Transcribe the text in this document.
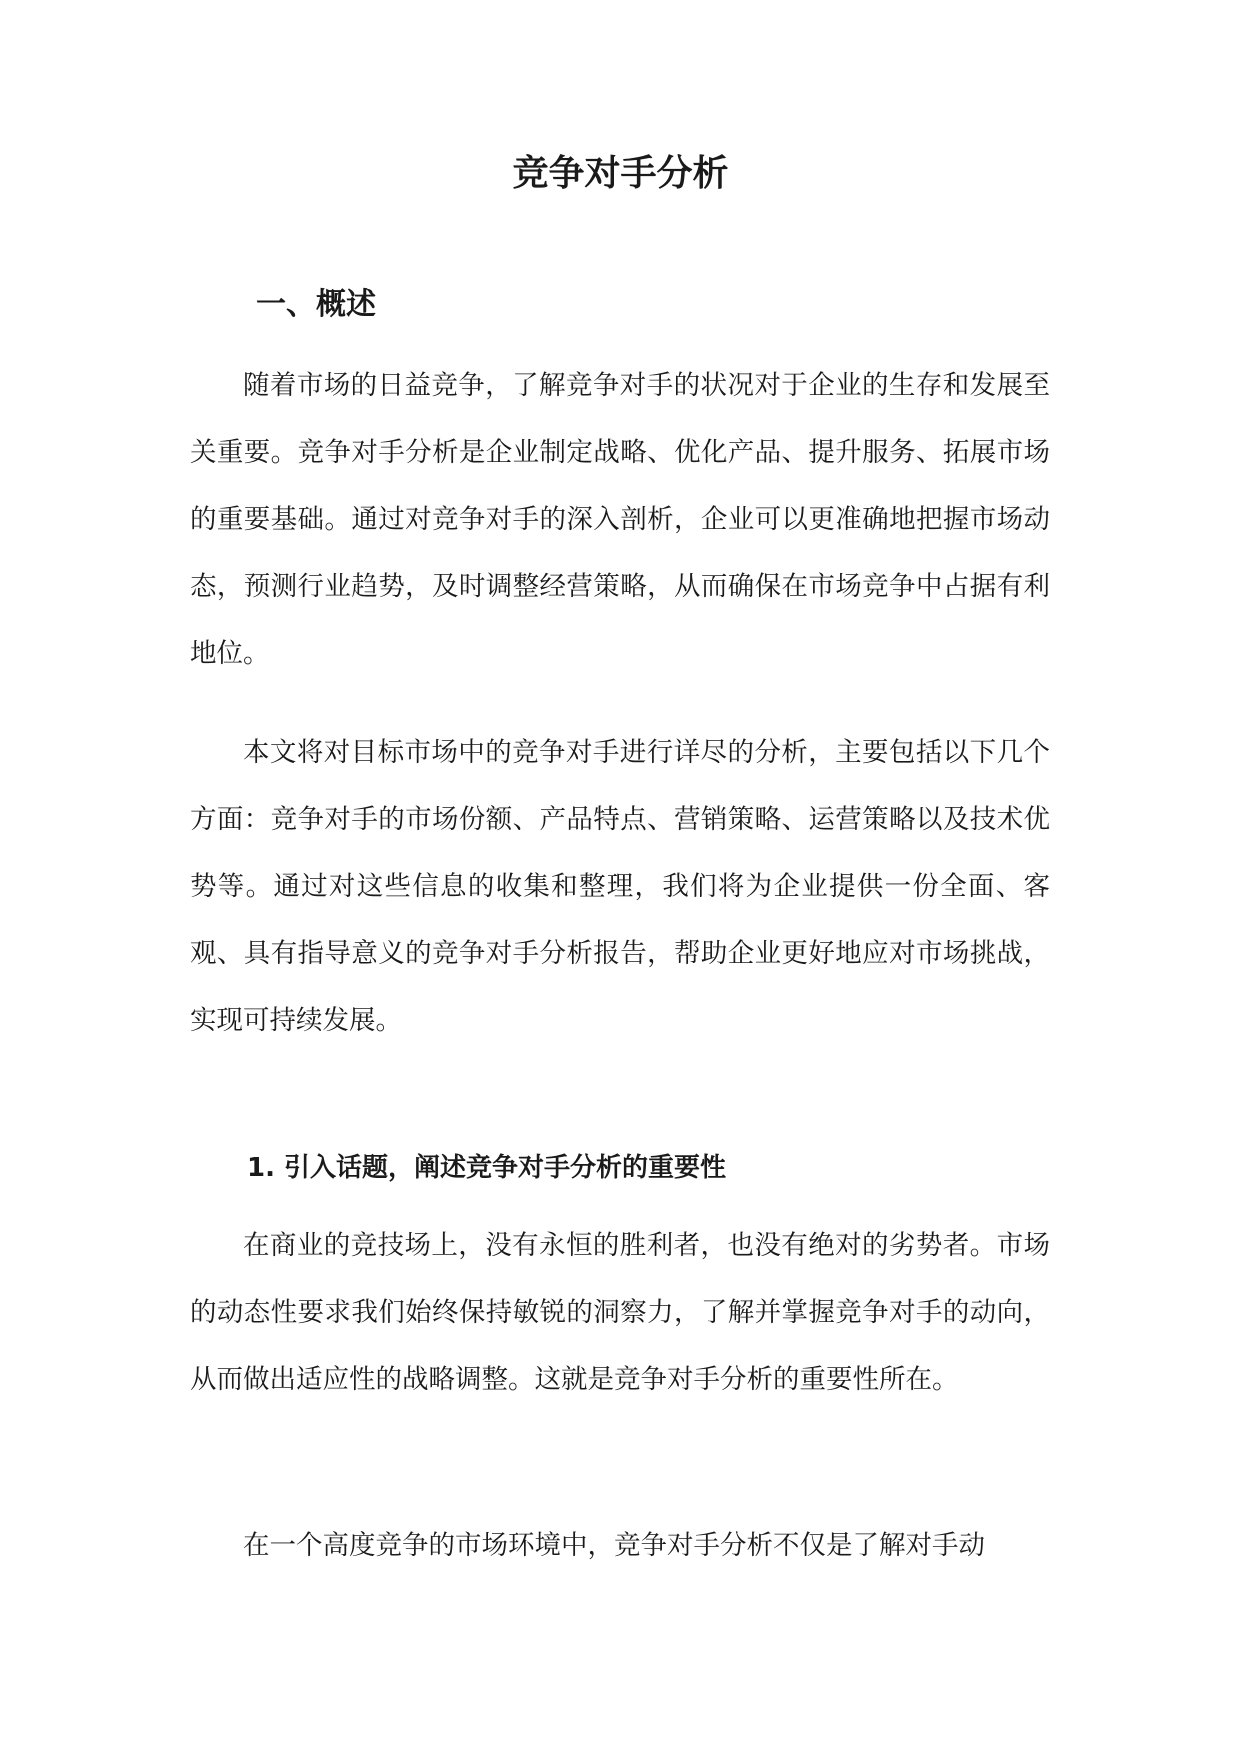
竞争对手分析
一、概述

随着市场的日益竞争，了解竞争对手的状况对于企业的生存和发展至关重要。竞争对手分析是企业制定战略、优化产品、提升服务、拓展市场的重要基础。通过对竞争对手的深入剖析，企业可以更准确地把握市场动态，预测行业趋势，及时调整经营策略，从而确保在市场竞争中占据有利地位。

本文将对目标市场中的竞争对手进行详尽的分析，主要包括以下几个方面：竞争对手的市场份额、产品特点、营销策略、运营策略以及技术优势等。通过对这些信息的收集和整理，我们将为企业提供一份全面、客观、具有指导意义的竞争对手分析报告，帮助企业更好地应对市场挑战，实现可持续发展。

1. 引入话题，阐述竞争对手分析的重要性

在商业的竞技场上，没有永恒的胜利者，也没有绝对的劣势者。市场的动态性要求我们始终保持敏锐的洞察力，了解并掌握竞争对手的动向，从而做出适应性的战略调整。这就是竞争对手分析的重要性所在。

在一个高度竞争的市场环境中，竞争对手分析不仅是了解对手动
